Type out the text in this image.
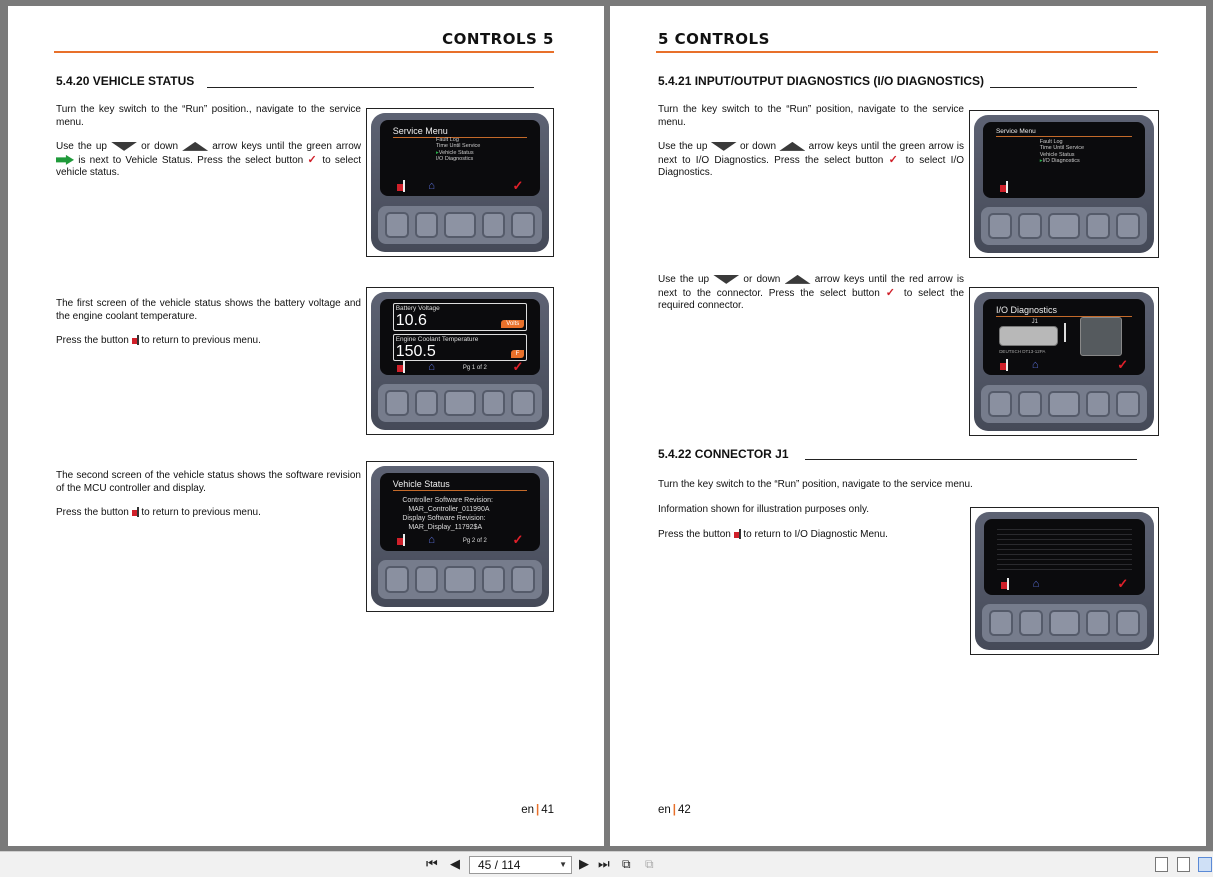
CONTROLS 5
5.4.20 VEHICLE STATUS

Turn the key switch to the “Run” position., navigate to the service menu.

Use the up	or down	arrow keys until the green arrow  is next to Vehicle Status. Press the select button ✓ to select vehicle status.

Service Menu
Fault Log
Time Until Service
▸Vehicle Status
I/O Diagnostics
⌂	✓

The first screen of the vehicle status shows the battery voltage and the engine coolant temperature.

Press the button to return to previous menu.

Battery Voltage
10.6	Volts
Engine Coolant Temperature
150.5	F
⌂	Pg 1 of 2 ✓

The second screen of the vehicle status shows the software revision of the MCU controller and display.

Press the button to return to previous menu.

Vehicle Status
Controller Software Revision:
MAR_Controller_011990A
Display Software Revision:
MAR_Display_11792$A
⌂	Pg 2 of 2 ✓
en | 41
5 CONTROLS
5.4.21 INPUT/OUTPUT DIAGNOSTICS (I/O DIAGNOSTICS)

Turn the key switch to the “Run” position, navigate to the service menu.

Use the up	or down	arrow keys until the green arrow is next to I/O Diagnostics. Press the select button ✓ to select I/O Diagnostics.

Service Menu
Fault Log
Time Until Service
Vehicle Status
▸I/O Diagnostics

Use the up	or down	arrow keys until the red arrow is next to the connector. Press the select button ✓ to select the required connector.	I/O Diagnostics
J1
DEUTSCH DT13-12PA
⌂	✓
5.4.22 CONNECTOR J1

Turn the key switch to the “Run” position, navigate to the service menu.

Information shown for illustration purposes only.

Press the button to return to I/O Diagnostic Menu.

⌂	✓
en | 42
⏮ ◀	45 / 114	▼ ▶ ⏭ ⧉ ⧉
